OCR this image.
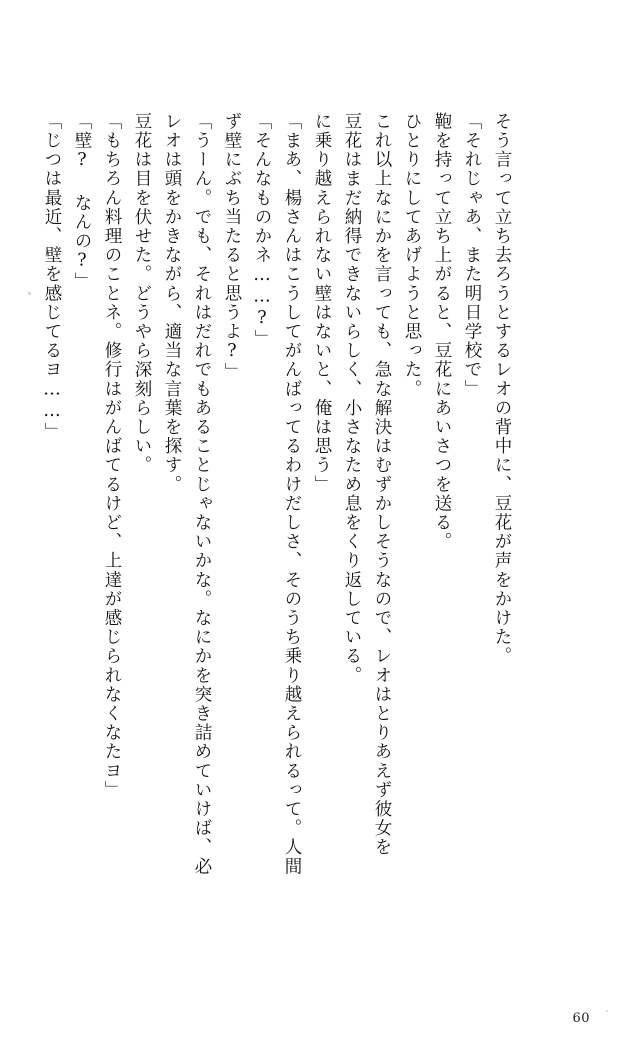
「じつは最近、壁を感じてるヨ……」 「壁? なんの?」 「もちろん料理のことネ。修行はがんばてるけど、上達が感じられなくなたヨ」 豆花は目を伏せた。どうやら深刻らしい。 レオは頭をかきながら、適当な言葉を探す。 「うーん。でも、それはだれでもあることじゃないかな。なにかを突き詰めていけば、必 ず壁にぶち当たると思うよ?」 「そんなものかネ……?」 「まあ、楊さんはこうしてがんばってるわけだしさ、そのうち乗り越えられるって。人間 に乗り越えられない壁はないと、俺は思う」 豆花はまだ納得できないらしく、小さなため息をくり返している。 これ以上なにかを言っても、急な解決はむずかしそうなので、レオはとりあえず彼女を ひとりにしてあげようと思った。 鞄を持って立ち上がると、豆花にあいさつを送る。 「それじゃあ、また明日学校で」 そう言って立ち去ろうとするレオの背中に、豆花が声をかけた。
60
